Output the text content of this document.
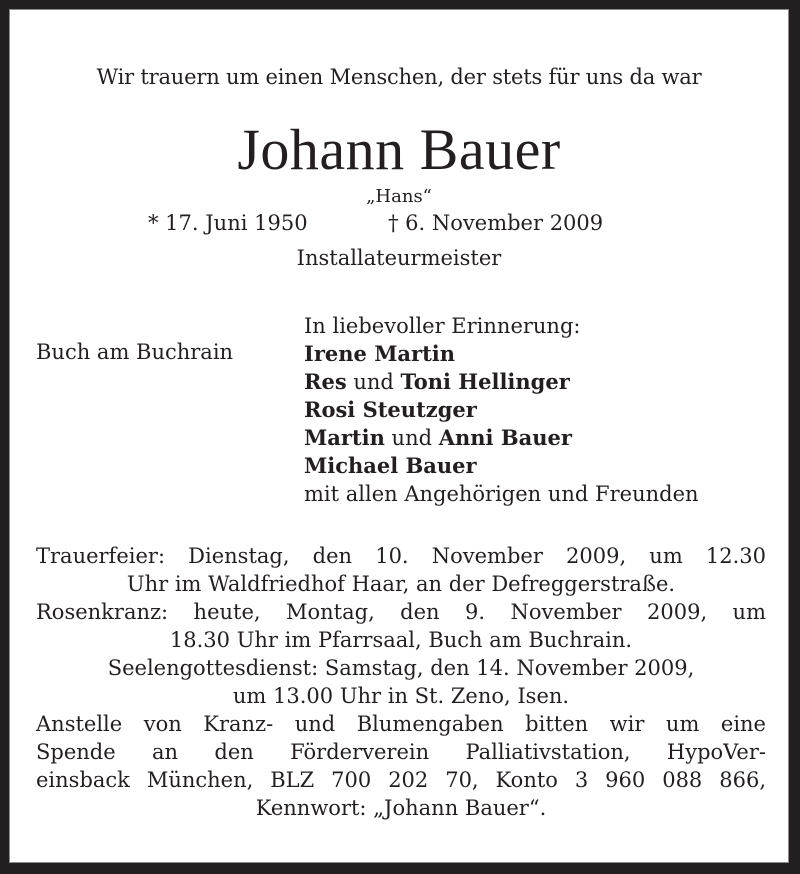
Wir trauern um einen Menschen, der stets für uns da war
Johann Bauer
„Hans“
* 17. Juni 1950	† 6. November 2009
Installateurmeister
Buch am Buchrain
In liebevoller Erinnerung:
Irene Martin
Res und Toni Hellinger
Rosi Steutzger
Martin und Anni Bauer
Michael Bauer
mit allen Angehörigen und Freunden
Trauerfeier: Dienstag, den 10. November 2009, um 12.30
Uhr im Waldfriedhof Haar, an der Defreggerstraße.
Rosenkranz: heute, Montag, den 9. November 2009, um
18.30 Uhr im Pfarrsaal, Buch am Buchrain.
Seelengottesdienst: Samstag, den 14. November 2009,
um 13.00 Uhr in St. Zeno, Isen.
Anstelle von Kranz- und Blumengaben bitten wir um eine
Spende an den Förderverein Palliativstation, HypoVer-
einsback München, BLZ 700 202 70, Konto 3 960 088 866,
Kennwort: „Johann Bauer“.
